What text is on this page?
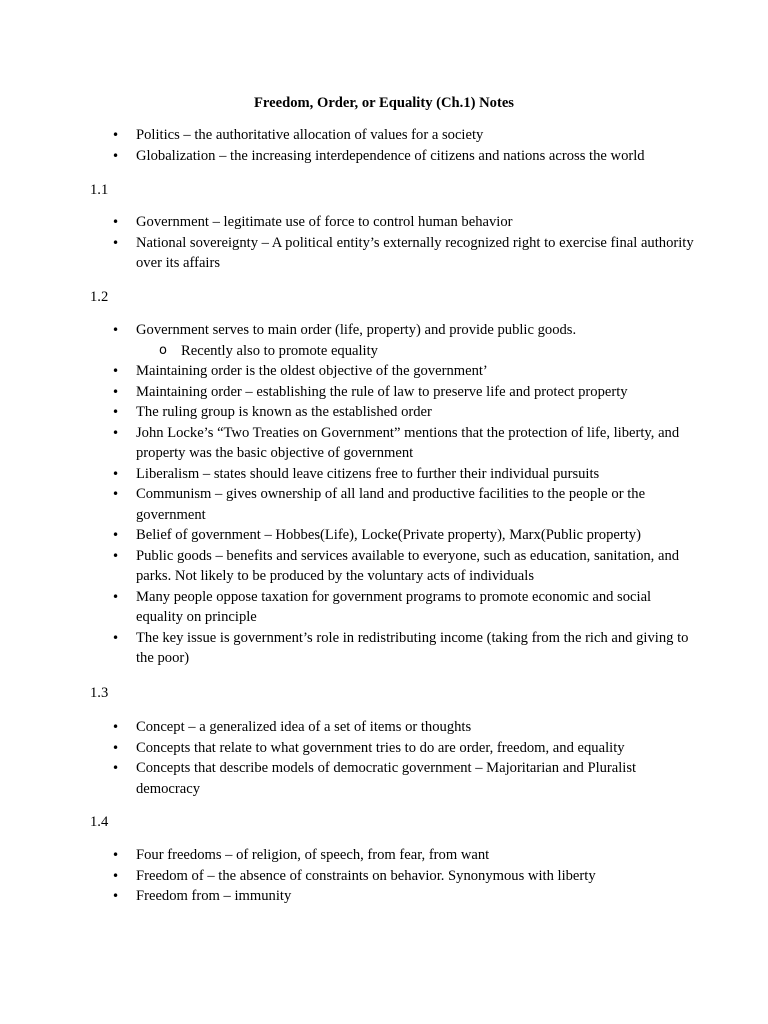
Freedom, Order, or Equality (Ch.1) Notes
• Politics – the authoritative allocation of values for a society
• Globalization – the increasing interdependence of citizens and nations across the world
1.1
• Government – legitimate use of force to control human behavior
• National sovereignty – A political entity’s externally recognized right to exercise final authority over its affairs
1.2
• Government serves to main order (life, property) and provide public goods.
o Recently also to promote equality
• Maintaining order is the oldest objective of the government’
• Maintaining order – establishing the rule of law to preserve life and protect property
• The ruling group is known as the established order
• John Locke’s “Two Treaties on Government” mentions that the protection of life, liberty, and property was the basic objective of government
• Liberalism – states should leave citizens free to further their individual pursuits
• Communism – gives ownership of all land and productive facilities to the people or the government
• Belief of government – Hobbes(Life), Locke(Private property), Marx(Public property)
• Public goods – benefits and services available to everyone, such as education, sanitation, and parks. Not likely to be produced by the voluntary acts of individuals
• Many people oppose taxation for government programs to promote economic and social equality on principle
• The key issue is government’s role in redistributing income (taking from the rich and giving to the poor)
1.3
• Concept – a generalized idea of a set of items or thoughts
• Concepts that relate to what government tries to do are order, freedom, and equality
• Concepts that describe models of democratic government – Majoritarian and Pluralist democracy
1.4
• Four freedoms – of religion, of speech, from fear, from want
• Freedom of – the absence of constraints on behavior. Synonymous with liberty
• Freedom from – immunity
